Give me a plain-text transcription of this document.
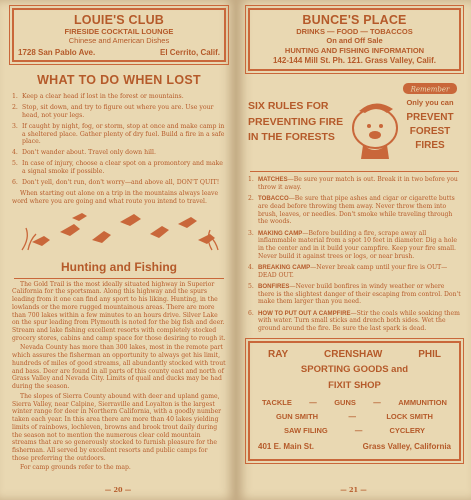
LOUIE'S CLUB
FIRESIDE COCKTAIL LOUNGE
Chinese and American Dishes
1728 San Pablo Ave.	El Cerrito, Calif.
WHAT TO DO WHEN LOST
1. Keep a clear head if lost in the forest or mountains.
2. Stop, sit down, and try to figure out where you are. Use your head, not your legs.
3. If caught by night, fog, or storm, stop at once and make camp in a sheltered place. Gather plenty of dry fuel. Build a fire in a safe place.
4. Don't wander about. Travel only down hill.
5. In case of injury, choose a clear spot on a promontory and make a signal smoke if possible.
6. Don't yell, don't run, don't worry—and above all, DON'T QUIT!

When starting out alone on a trip in the mountains always leave word where you are going and what route you intend to travel.

Hunting and Fishing

The Gold Trail is the most ideally situated highway in Superior California for the sportsman. Along this highway and the spurs leading from it one can find any sport to his liking. Hunting, in the lowlands or the more rugged mountainous areas. There are more than 700 lakes within a few minutes to an hours drive. Silver Lake on the spur leading from Plymouth is noted for the big fish and deer. Stream and lake fishing excellent resorts with completely stocked grocery stores, cabins and camp space for those desiring to rough it.

Nevada County has more than 300 lakes, most in the remote part which assures the fisherman an opportunity to always get his limit, hundreds of miles of good streams, all abundantly stocked with trout and bass. Deer are found in all parts of this county east and north of Grass Valley and Nevada City. Limits of quail and ducks may be had during the season.

The slopes of Sierra County abound with deer and upland game, Sierra Valley, near Calpine, Sierraville and Loyalton is the largest winter range for deer in Northern California, with a goodly number taken each year. In this area there are more than 40 lakes yielding limits of rainbows, lochleven, browns and brook trout daily during the season not to mention the numerous clear cold mountain streams that are so generously stocked to furnish pleasure for the fisherman. All served by excellent resorts and public camps for those preferring the outdoors.

For camp grounds refer to the map.

— 20 —
BUNCE'S PLACE
DRINKS — FOOD — TOBACCOS
On and Off Sale
HUNTING AND FISHING INFORMATION
142-144 Mill St. Ph. 121. Grass Valley, Calif.
SIX RULES FOR PREVENTING FIRE IN THE FORESTS
Remember
Only you can
PREVENT
FOREST
FIRES
1. MATCHES—Be sure your match is out. Break it in two before you throw it away.
2. TOBACCO—Be sure that pipe ashes and cigar or cigarette butts are dead before throwing them away. Never throw them into brush, leaves, or needles. Don't smoke while traveling through the woods.
3. MAKING CAMP—Before building a fire, scrape away all inflammable material from a spot 10 feet in diameter. Dig a hole in the center and in it build your campfire. Keep your fire small. Never build it against trees or logs, or near brush.
4. BREAKING CAMP—Never break camp until your fire is OUT—DEAD OUT.
5. BONFIRES—Never build bonfires in windy weather or where there is the slightest danger of their escaping from control. Don't make them larger than you need.
6. HOW TO PUT OUT A CAMPFIRE—Stir the coals while soaking them with water. Turn small sticks and drench both sides. Wet the ground around the fire. Be sure the last spark is dead.
RAY	CRENSHAW	PHIL
SPORTING GOODS and
FIXIT SHOP
TACKLE — GUNS — AMMUNITION
GUN SMITH	—	LOCK SMITH
SAW FILING	—	CYCLERY
401 E. Main St.	Grass Valley, California
— 21 —
